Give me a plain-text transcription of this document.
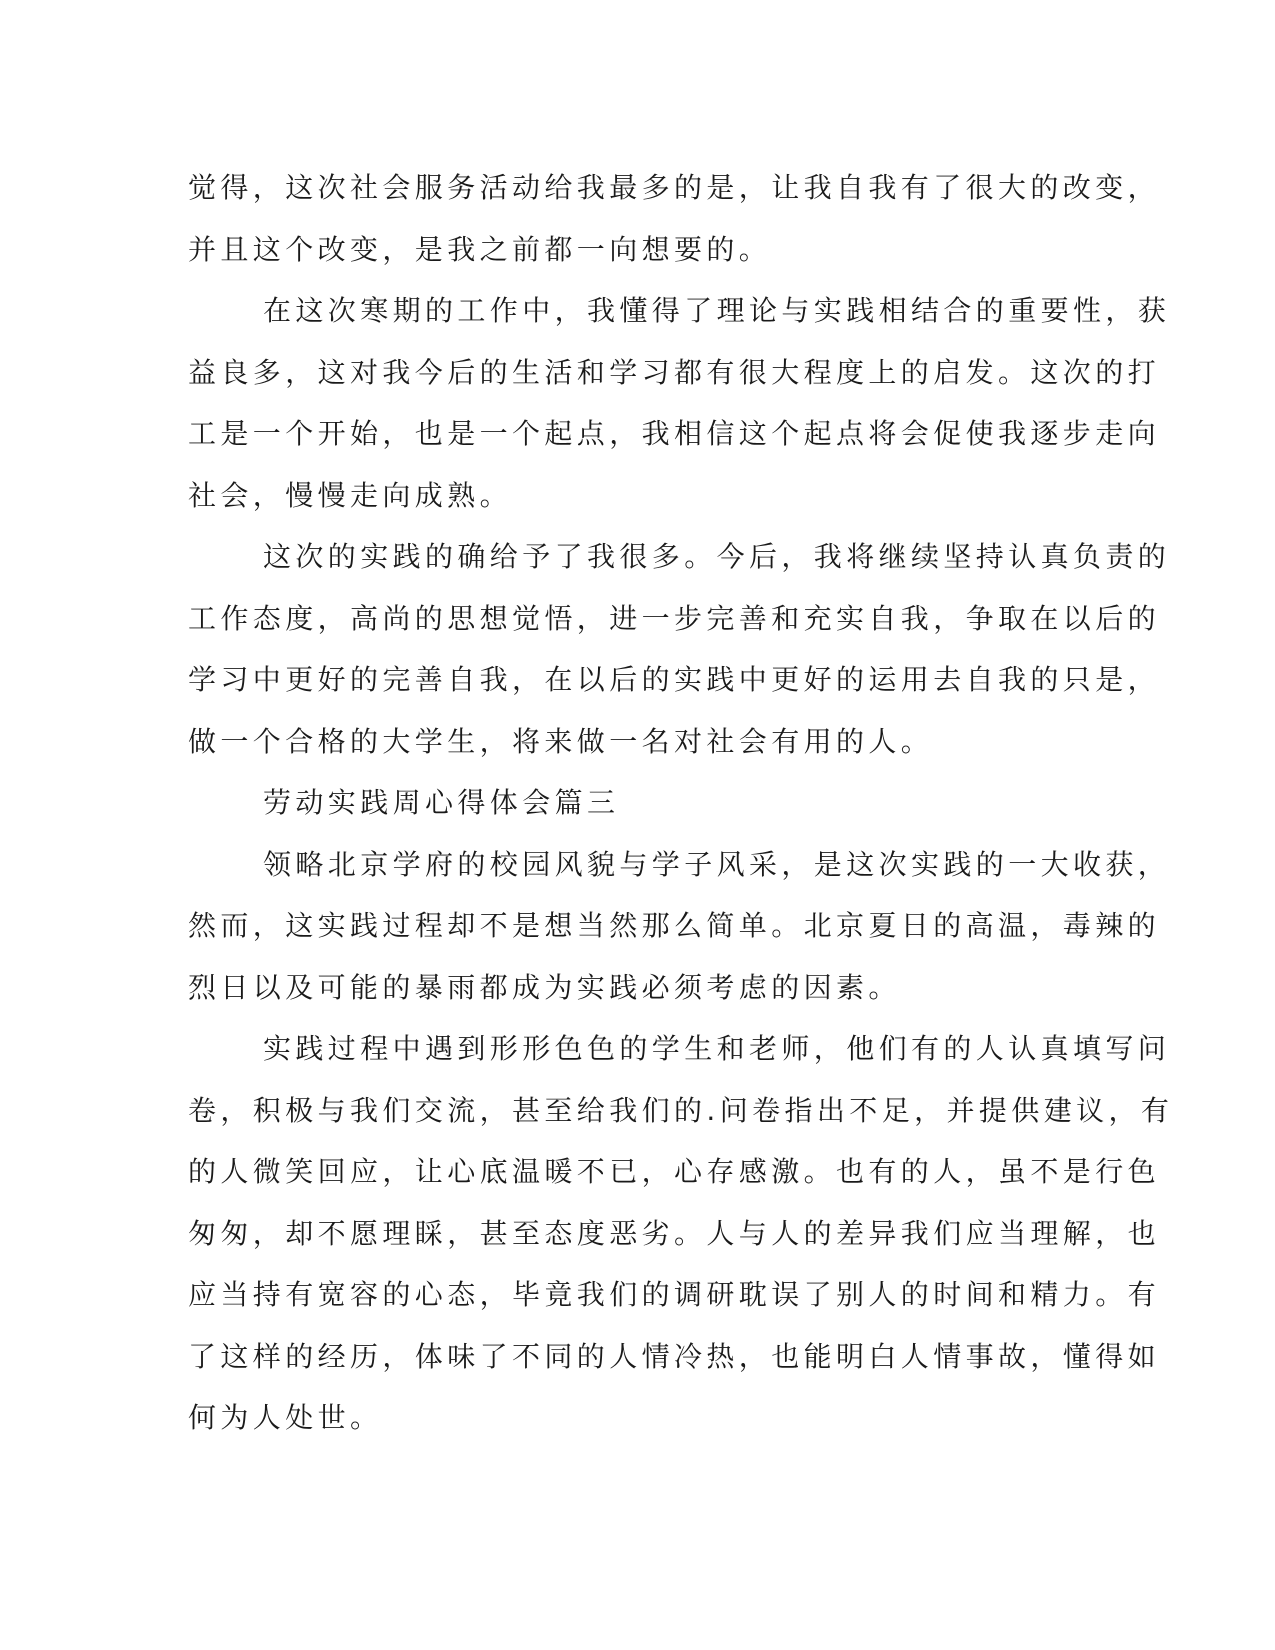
觉得，这次社会服务活动给我最多的是，让我自我有了很大的改变，
并且这个改变，是我之前都一向想要的。
在这次寒期的工作中，我懂得了理论与实践相结合的重要性，获
益良多，这对我今后的生活和学习都有很大程度上的启发。这次的打
工是一个开始，也是一个起点，我相信这个起点将会促使我逐步走向
社会，慢慢走向成熟。
这次的实践的确给予了我很多。今后，我将继续坚持认真负责的
工作态度，高尚的思想觉悟，进一步完善和充实自我，争取在以后的
学习中更好的完善自我，在以后的实践中更好的运用去自我的只是，
做一个合格的大学生，将来做一名对社会有用的人。
劳动实践周心得体会篇三
领略北京学府的校园风貌与学子风采，是这次实践的一大收获，
然而，这实践过程却不是想当然那么简单。北京夏日的高温，毒辣的
烈日以及可能的暴雨都成为实践必须考虑的因素。
实践过程中遇到形形色色的学生和老师，他们有的人认真填写问
卷，积极与我们交流，甚至给我们的.问卷指出不足，并提供建议，有
的人微笑回应，让心底温暖不已，心存感激。也有的人，虽不是行色
匆匆，却不愿理睬，甚至态度恶劣。人与人的差异我们应当理解，也
应当持有宽容的心态，毕竟我们的调研耽误了别人的时间和精力。有
了这样的经历，体味了不同的人情冷热，也能明白人情事故，懂得如
何为人处世。
